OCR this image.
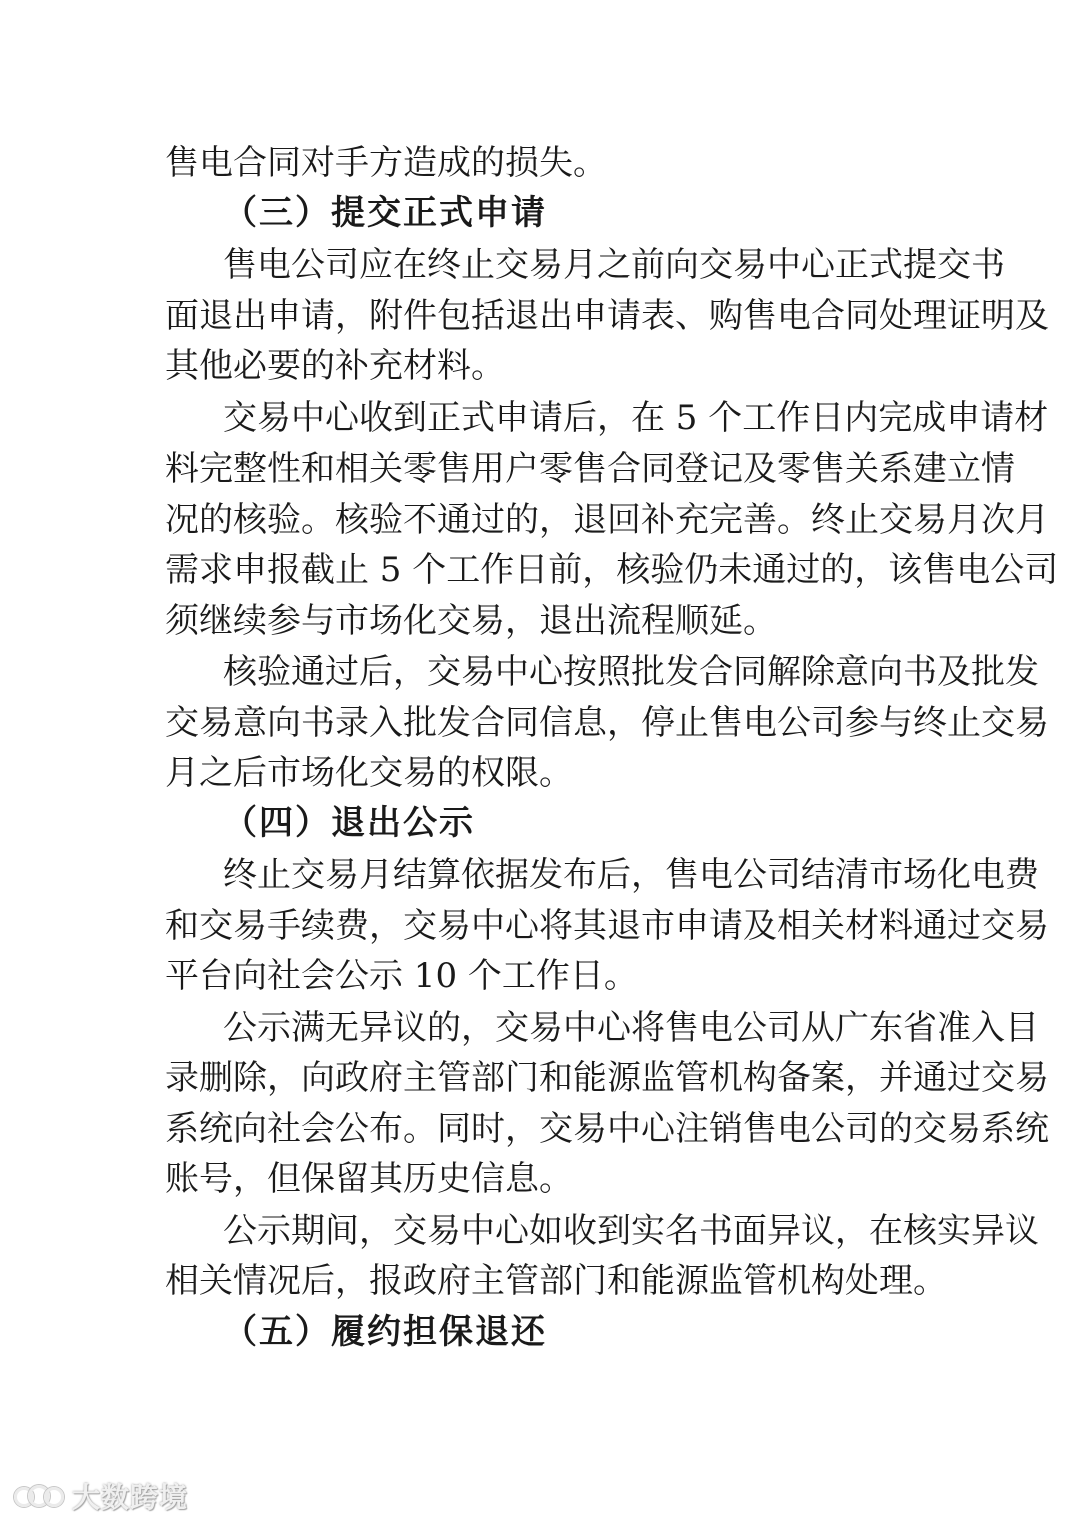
售电合同对手方造成的损失。
（三）提交正式申请
售电公司应在终止交易月之前向交易中心正式提交书
面退出申请，附件包括退出申请表、购售电合同处理证明及
其他必要的补充材料。
交易中心收到正式申请后，在 5 个工作日内完成申请材
料完整性和相关零售用户零售合同登记及零售关系建立情
况的核验。核验不通过的，退回补充完善。终止交易月次月
需求申报截止 5 个工作日前，核验仍未通过的，该售电公司
须继续参与市场化交易，退出流程顺延。
核验通过后，交易中心按照批发合同解除意向书及批发
交易意向书录入批发合同信息，停止售电公司参与终止交易
月之后市场化交易的权限。
（四）退出公示
终止交易月结算依据发布后，售电公司结清市场化电费
和交易手续费，交易中心将其退市申请及相关材料通过交易
平台向社会公示 10 个工作日。
公示满无异议的，交易中心将售电公司从广东省准入目
录删除，向政府主管部门和能源监管机构备案，并通过交易
系统向社会公布。同时，交易中心注销售电公司的交易系统
账号，但保留其历史信息。
公示期间，交易中心如收到实名书面异议，在核实异议
相关情况后，报政府主管部门和能源监管机构处理。
（五）履约担保退还
大数跨境
